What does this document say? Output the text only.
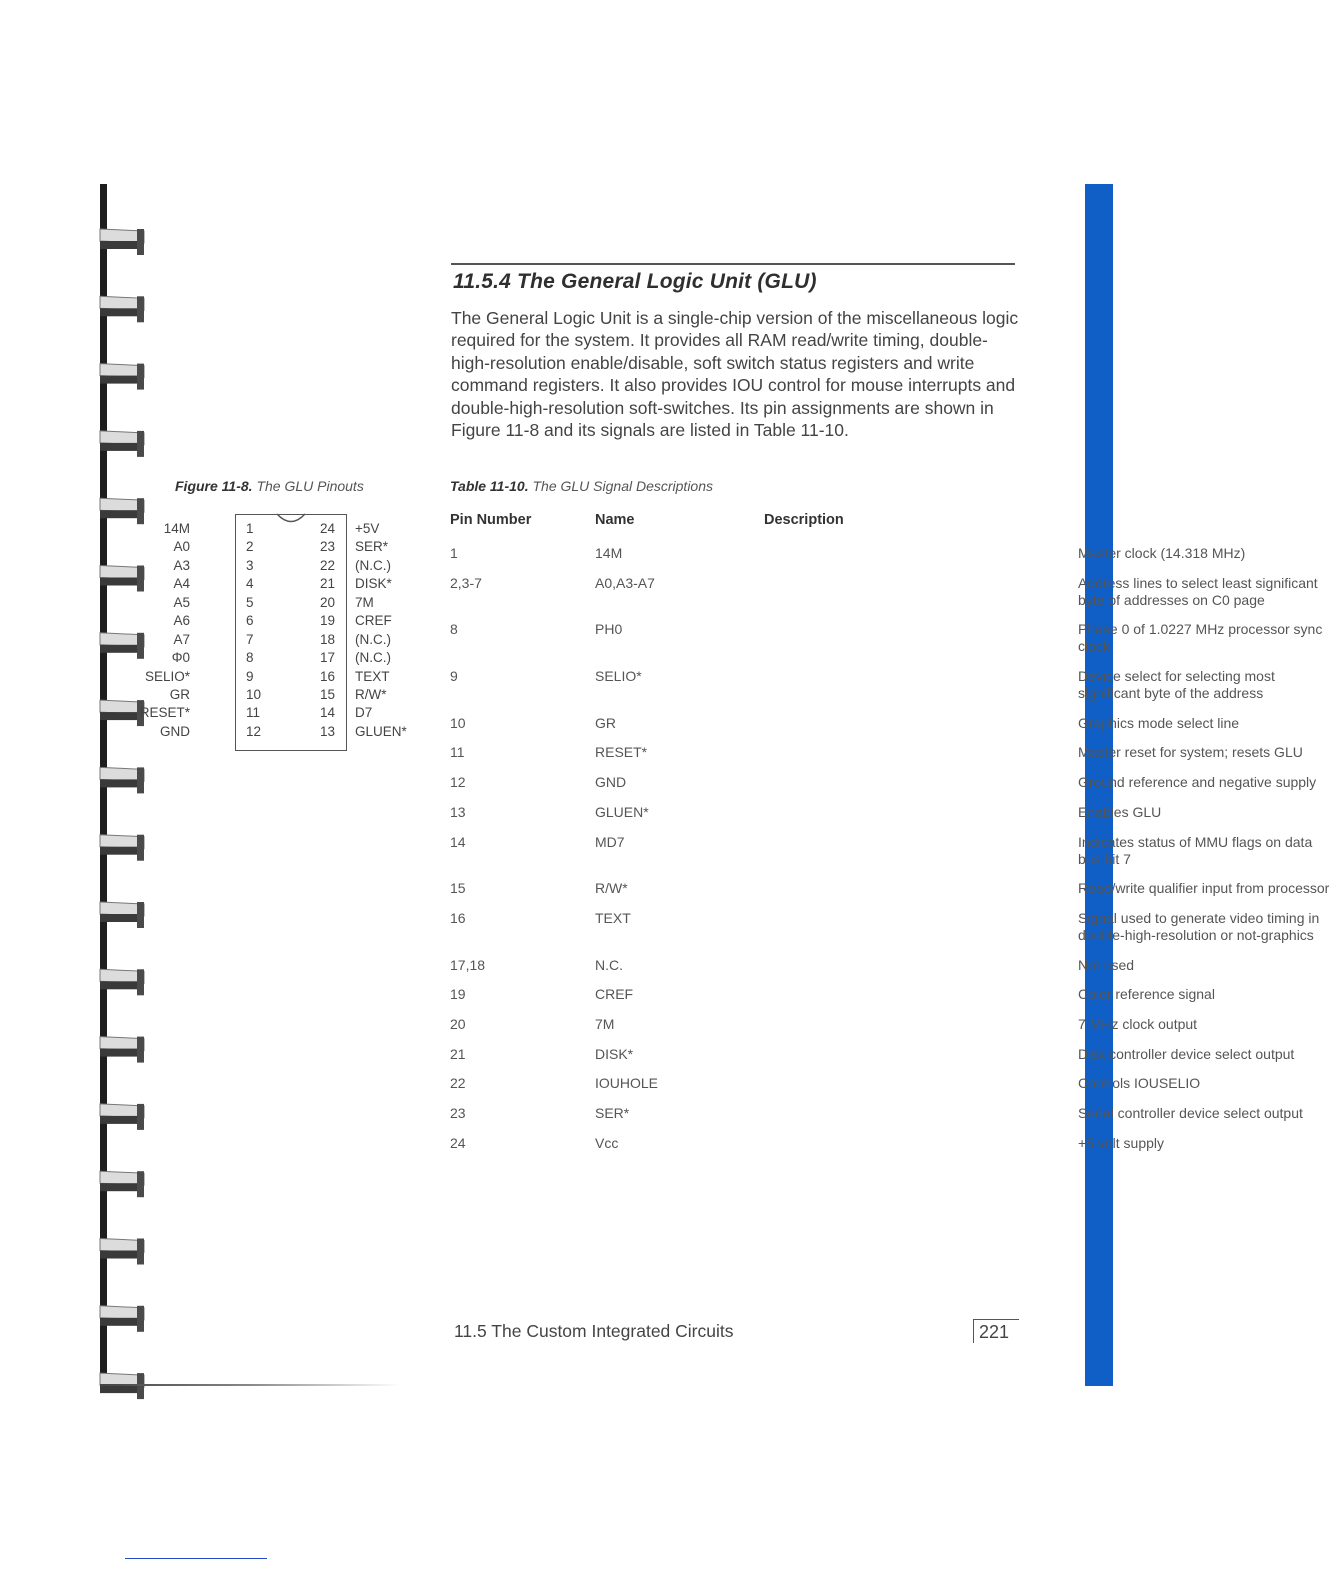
11.5.4 The General Logic Unit (GLU)

The General Logic Unit is a single-chip version of the miscellaneous logic required for the system. It provides all RAM read/write timing, double-high-resolution enable/disable, soft switch status registers and write command registers. It also provides IOU control for mouse interrupts and double-high-resolution soft-switches. Its pin assignments are shown in Figure 11-8 and its signals are listed in Table 11-10.

Figure 11-8. The GLU Pinouts	Table 11-10. The GLU Signal Descriptions
14M	1	24 +5V
A0	2	23 SER*
A3	3	22 (N.C.)
A4	4	21 DISK*
A5	5	20 7M
A6	6	19 CREF
A7	7	18 (N.C.)
Φ0	8	17 (N.C.)
SELIO*	9	16 TEXT
GR	10	15 R/W*
RESET*	11	14 D7
GND	12	13 GLUEN*
Pin Number	Name	Description
1	14M	Master clock (14.318 MHz)
2,3-7	A0,A3-A7	Address lines to select least significant byte of addresses on C0 page
8	PH0	Phase 0 of 1.0227 MHz processor sync clock
9	SELIO*	Device select for selecting most significant byte of the address
10	GR	Graphics mode select line
11	RESET*	Master reset for system; resets GLU
12	GND	Ground reference and negative supply
13	GLUEN*	Enables GLU
14	MD7	Indicates status of MMU flags on data bus bit 7
15	R/W*	Read/write qualifier input from processor
16	TEXT	Signal used to generate video timing in double-high-resolution or not-graphics
17,18	N.C.	Not used
19	CREF	Color reference signal
20	7M	7 MHz clock output
21	DISK*	Disk controller device select output
22	IOUHOLE	Controls IOUSELIO
23	SER*	Serial controller device select output
24	Vcc	+5 volt supply
11.5 The Custom Integrated Circuits	221
